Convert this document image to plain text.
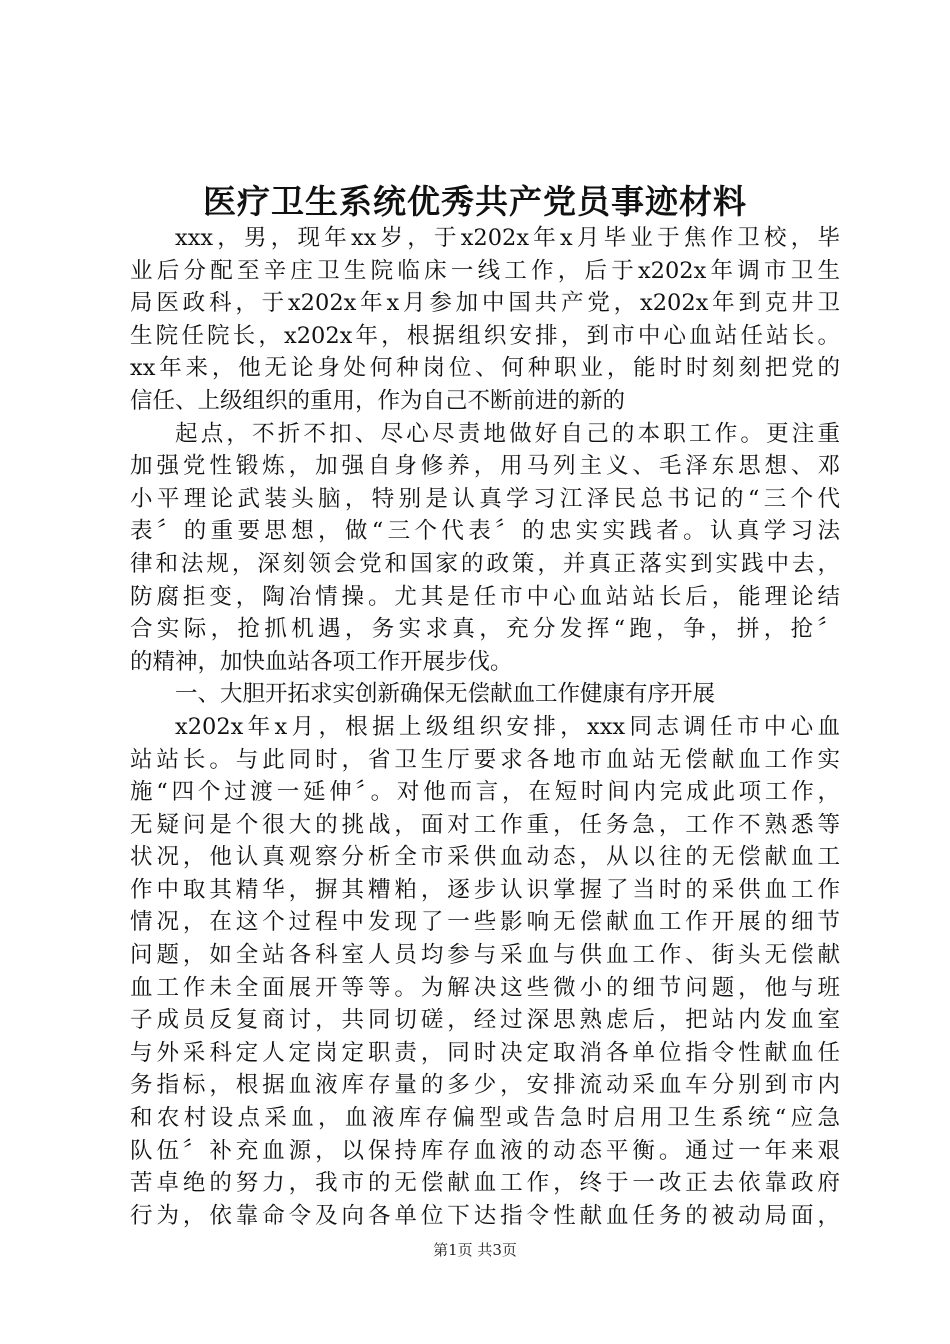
医疗卫生系统优秀共产党员事迹材料
xxx，男，现年xx岁，于x202x年x月毕业于焦作卫校，毕
业后分配至辛庄卫生院临床一线工作，后于x202x年调市卫生
局医政科，于x202x年x月参加中国共产党，x202x年到克井卫
生院任院长，x202x年，根据组织安排，到市中心血站任站长。
xx年来，他无论身处何种岗位、何种职业，能时时刻刻把党的
信任、上级组织的重用，作为自己不断前进的新的
起点，不折不扣、尽心尽责地做好自己的本职工作。更注重
加强党性锻炼，加强自身修养，用马列主义、毛泽东思想、邓
小平理论武装头脑，特别是认真学习江泽民总书记的“三个代
表〞的重要思想，做“三个代表〞的忠实实践者。认真学习法
律和法规，深刻领会党和国家的政策，并真正落实到实践中去，
防腐拒变，陶冶情操。尤其是任市中心血站站长后，能理论结
合实际，抢抓机遇，务实求真，充分发挥“跑，争，拼，抢〞
的精神，加快血站各项工作开展步伐。
一、大胆开拓求实创新确保无偿献血工作健康有序开展
x202x年x月，根据上级组织安排，xxx同志调任市中心血
站站长。与此同时，省卫生厅要求各地市血站无偿献血工作实
施“四个过渡一延伸〞。对他而言，在短时间内完成此项工作，
无疑问是个很大的挑战，面对工作重，任务急，工作不熟悉等
状况，他认真观察分析全市采供血动态，从以往的无偿献血工
作中取其精华，摒其糟粕，逐步认识掌握了当时的采供血工作
情况，在这个过程中发现了一些影响无偿献血工作开展的细节
问题，如全站各科室人员均参与采血与供血工作、街头无偿献
血工作未全面展开等等。为解决这些微小的细节问题，他与班
子成员反复商讨，共同切磋，经过深思熟虑后，把站内发血室
与外采科定人定岗定职责，同时决定取消各单位指令性献血任
务指标，根据血液库存量的多少，安排流动采血车分别到市内
和农村设点采血，血液库存偏型或告急时启用卫生系统“应急
队伍〞补充血源，以保持库存血液的动态平衡。通过一年来艰
苦卓绝的努力，我市的无偿献血工作，终于一改正去依靠政府
行为，依靠命令及向各单位下达指令性献血任务的被动局面，
第1页 共3页
